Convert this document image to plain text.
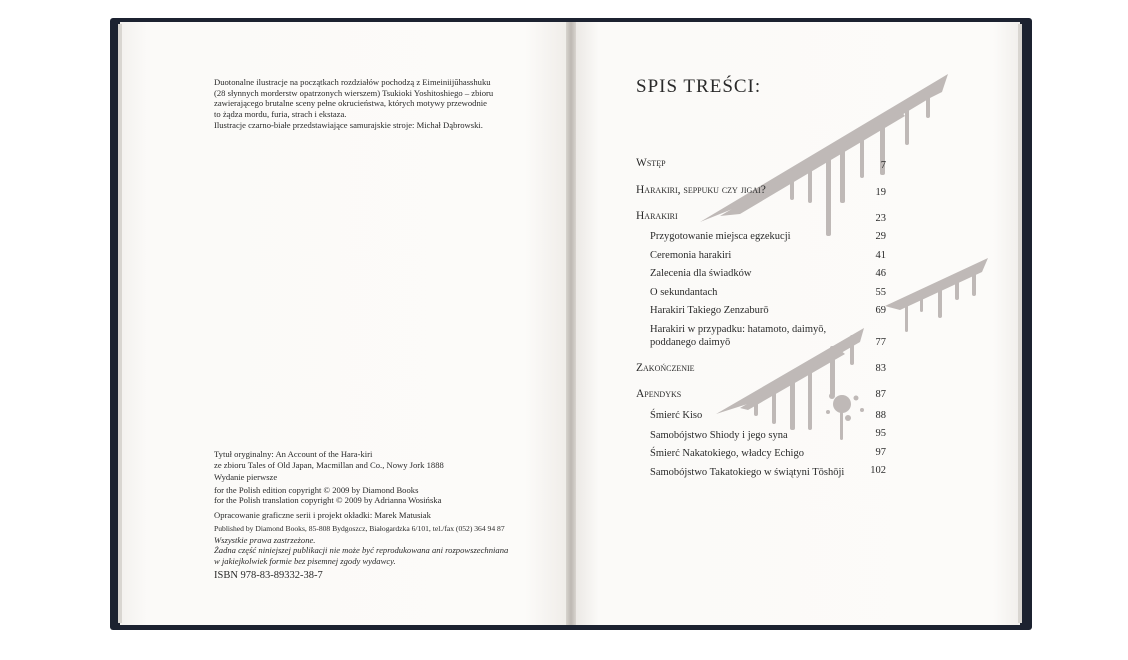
Duotonalne ilustracje na początkach rozdziałów pochodzą z Eimeiniijūhasshuku

(28 słynnych morderstw opatrzonych wierszem) Tsukioki Yoshitoshiego – zbioru

zawierającego brutalne sceny pełne okrucieństwa, których motywy przewodnie

to żądza mordu, furia, strach i ekstaza.

Ilustracje czarno-białe przedstawiające samurajskie stroje: Michał Dąbrowski.

Tytuł oryginalny: An Account of the Hara-kiri

ze zbioru Tales of Old Japan, Macmillan and Co., Nowy Jork 1888

Wydanie pierwsze

for the Polish edition copyright © 2009 by Diamond Books

for the Polish translation copyright © 2009 by Adrianna Wosińska

Opracowanie graficzne serii i projekt okładki: Marek Matusiak

Published by Diamond Books, 85-808 Bydgoszcz, Białogardzka 6/101, tel./fax (052) 364 94 87

Wszystkie prawa zastrzeżone.

Żadna część niniejszej publikacji nie może być reprodukowana ani rozpowszechniana

w jakiejkolwiek formie bez pisemnej zgody wydawcy.

ISBN 978-83-89332-38-7

SPIS TREŚCI:
Wstęp	7
Harakiri, seppuku czy jigai?	19
Harakiri	23
Przygotowanie miejsca egzekucji	29
Ceremonia harakiri	41
Zalecenia dla świadków	46
O sekundantach	55
Harakiri Takiego Zenzaburō	69
Harakiri w przypadku: hatamoto, daimyō,
poddanego daimyō	77
Zakończenie	83
Apendyks	87
Śmierć Kiso	88
Samobójstwo Shiody i jego syna	95
Śmierć Nakatokiego, władcy Echigo	97
Samobójstwo Takatokiego w świątyni Tōshōji	102
